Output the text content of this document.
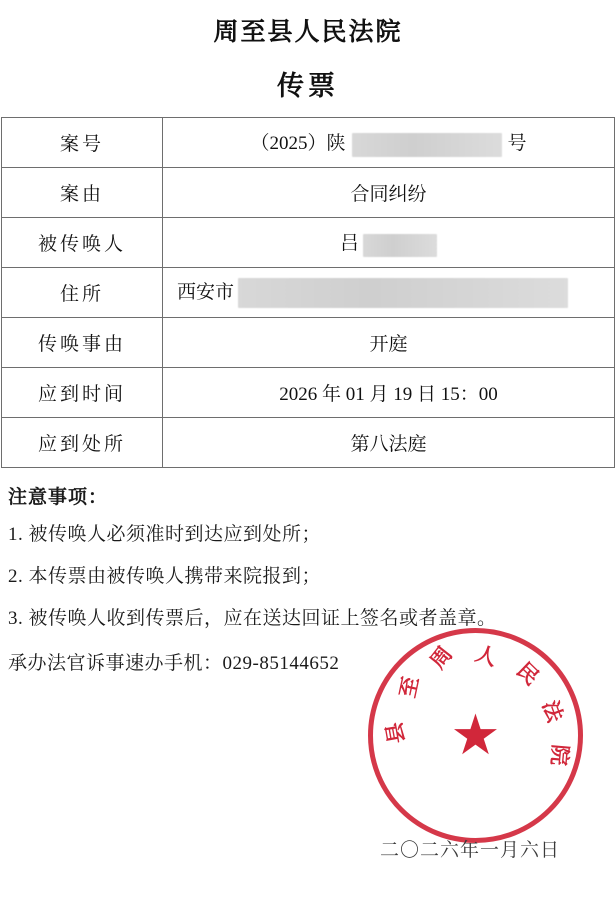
周至县人民法院
传票
案号	（2025）陕 号
案由	合同纠纷
被传唤人	吕
住所	西安市
传唤事由	开庭
应到时间	2026 年 01 月 19 日 15：00
应到处所	第八法庭
注意事项：
1. 被传唤人必须准时到达应到处所；
2. 本传票由被传唤人携带来院报到；
3. 被传唤人收到传票后，应在送达回证上签名或者盖章。
承办法官诉事速办手机：029-85144652	周
至
县
人
民
法
院
★
二〇二六年一月六日
